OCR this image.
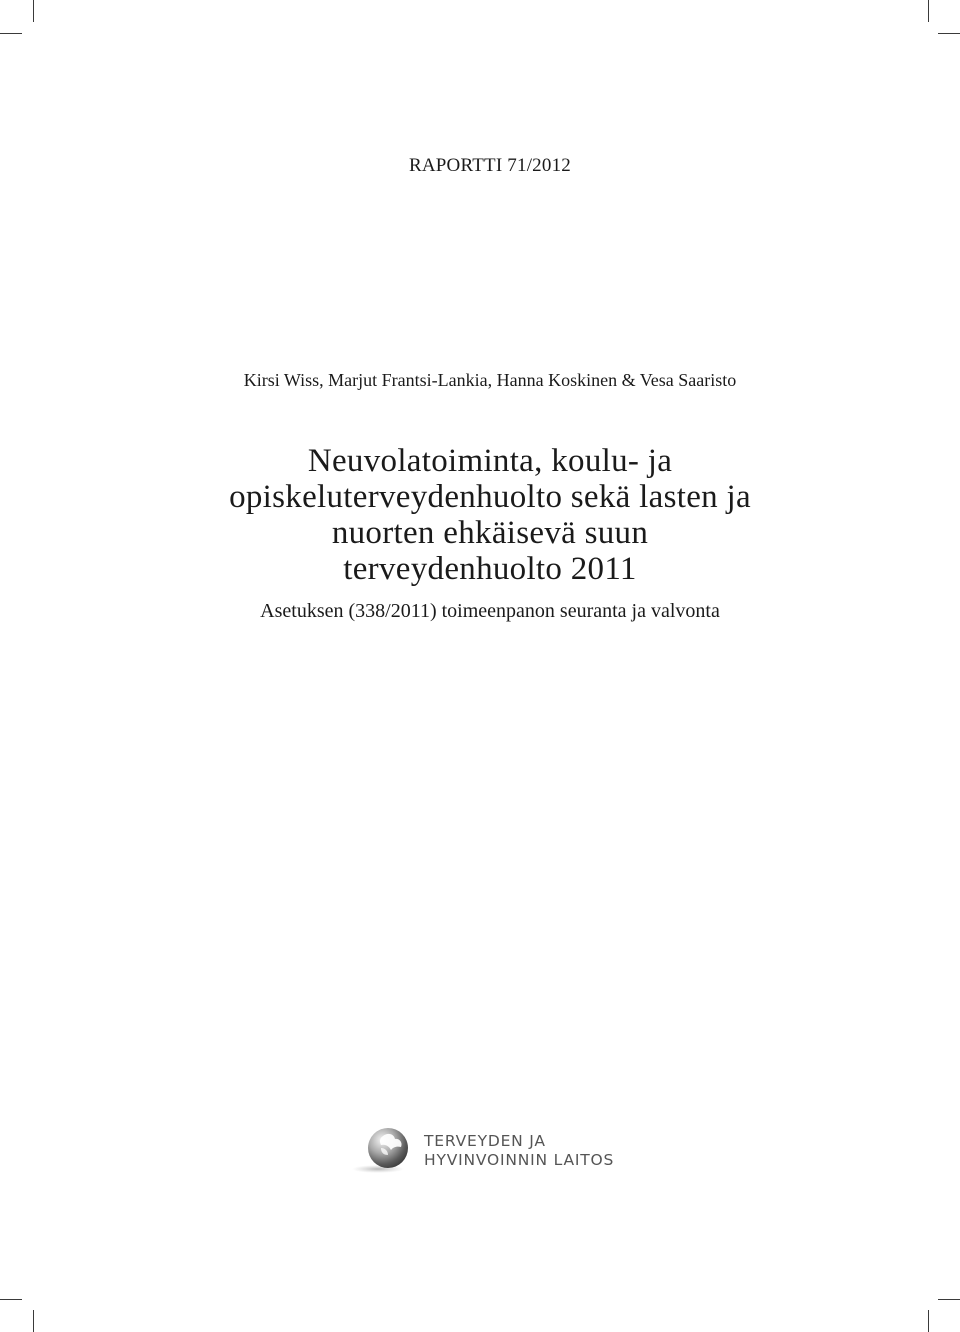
RAPORTTI 71/2012
Kirsi Wiss, Marjut Frantsi-Lankia, Hanna Koskinen & Vesa Saaristo
Neuvolatoiminta, koulu- ja
opiskeluterveydenhuolto sekä lasten ja
nuorten ehkäisevä suun
terveydenhuolto 2011
Asetuksen (338/2011) toimeenpanon seuranta ja valvonta
TERVEYDEN JA
HYVINVOINNIN LAITOS
